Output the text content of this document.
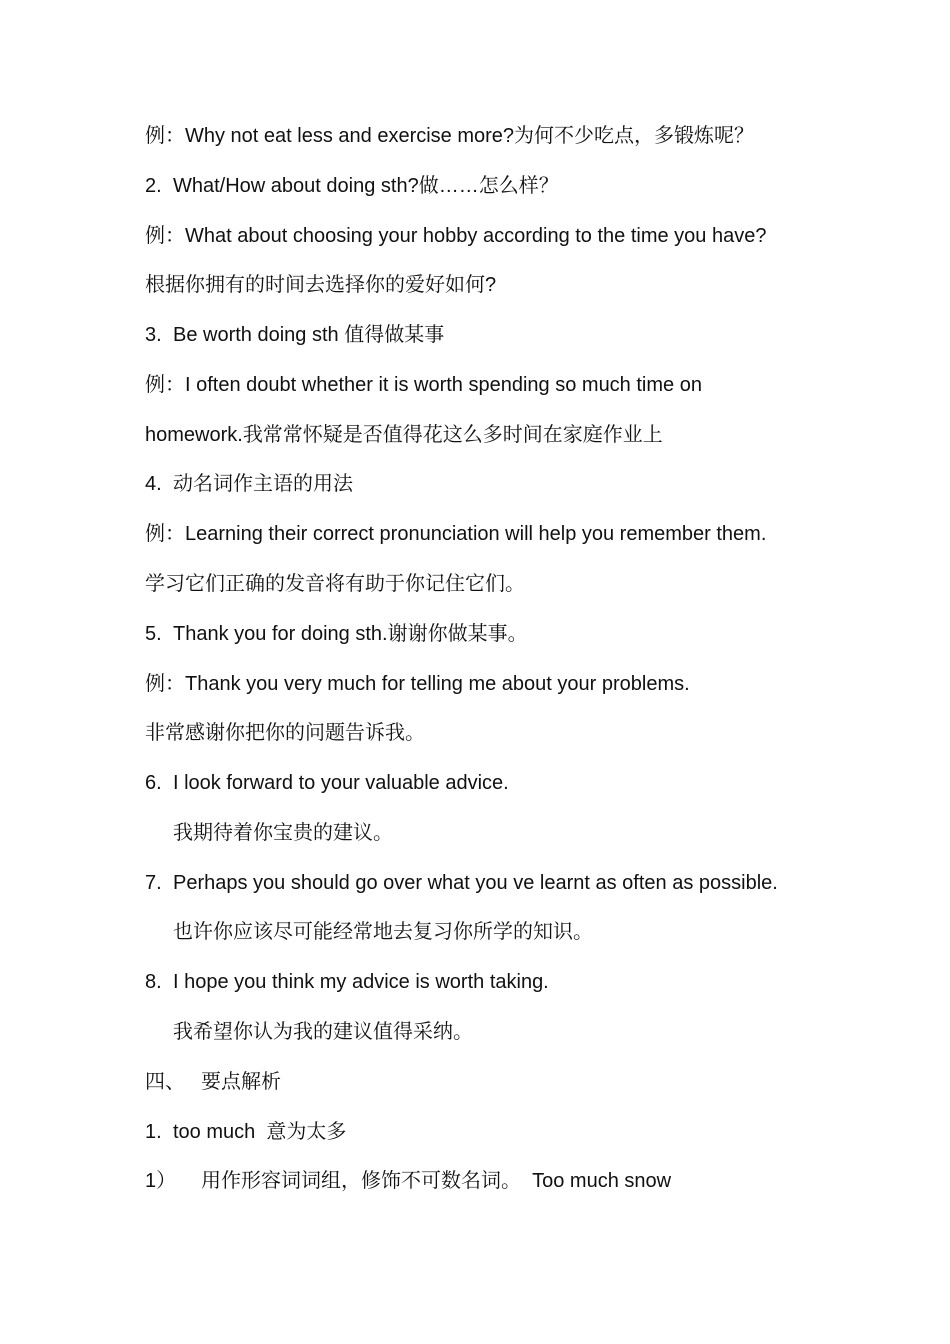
例：Why not eat less and exercise more?为何不少吃点，多锻炼呢？
2. What/How about doing sth?做……怎么样？
例：What about choosing your hobby according to the time you have?
根据你拥有的时间去选择你的爱好如何?
3. Be worth doing sth 值得做某事
例：I often doubt whether it is worth spending so much time on
homework.我常常怀疑是否值得花这么多时间在家庭作业上
4. 动名词作主语的用法
例：Learning their correct pronunciation will help you remember them.
学习它们正确的发音将有助于你记住它们。
5. Thank you for doing sth.谢谢你做某事。
例：Thank you very much for telling me about your problems.
非常感谢你把你的问题告诉我。
6. I look forward to your valuable advice.
我期待着你宝贵的建议。
7. Perhaps you should go over what you ve learnt as often as possible.
也许你应该尽可能经常地去复习你所学的知识。
8. I hope you think my advice is worth taking.
我希望你认为我的建议值得采纳。
四、 要点解析
1. too much  意为太多
1） 用作形容词词组，修饰不可数名词。  Too much snow
